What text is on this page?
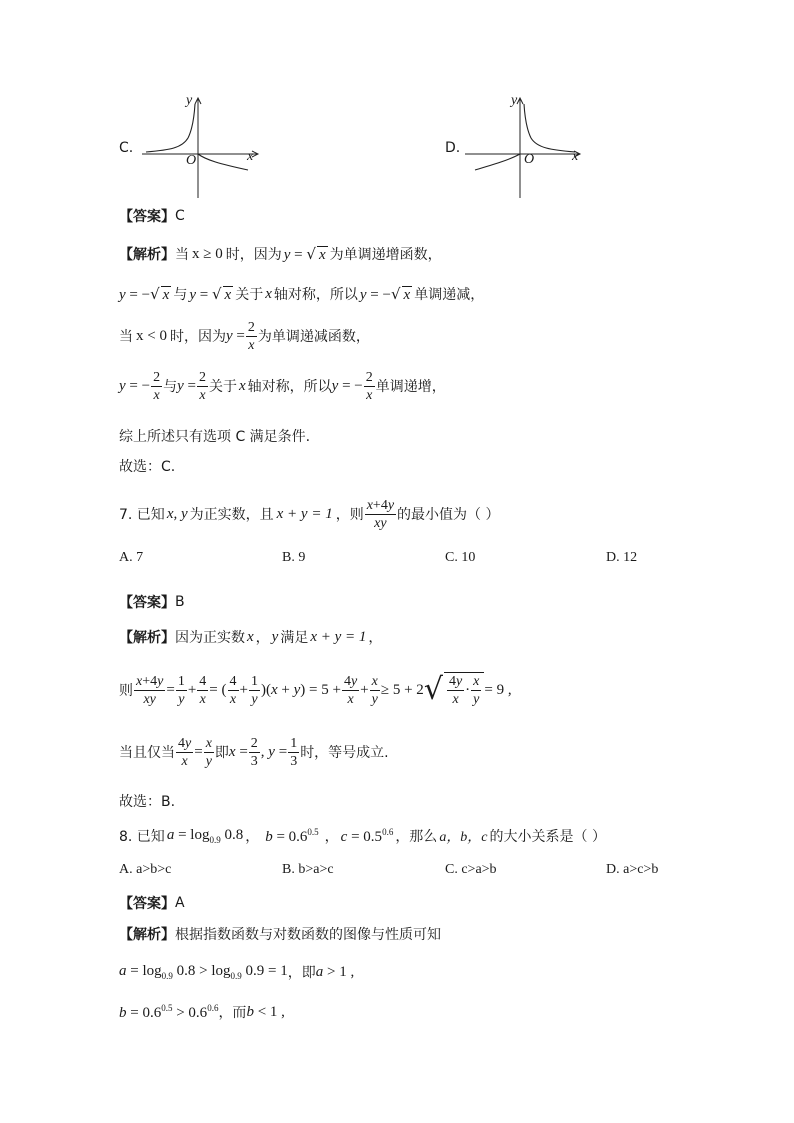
C.
y
x
O
D.
y
x
O
【答案】 C
【解析】 当 x ≥ 0 时，因为 y = √ x 为单调递增函数，
y = −√ x 与 y = √ x 关于 x 轴对称，所以 y = −√ x 单调递减，
当 x < 0 时，因为 $y = \frac{2}{x}$ 为单调递减函数，
y = − $\frac{2}{x}$ 与 $y = \frac{2}{x}$ 关于 x 轴对称，所以 y = − $\frac{2}{x}$ 单调递增，
综上所述只有选项 C 满足条件.
故选：C.
7. 已知 x, y 为正实数，且 x + y = 1 ，则 $\frac{x+4y}{xy}$ 的最小值为（ ）
A. 7	B. 9	C. 10	D. 12
【答案】 B
【解析】 因为正实数 x ， y 满足 x + y = 1 ，
则 $\frac{x+4y}{xy} = \frac{1}{y} + \frac{4}{x}$ = ( $\frac{4}{x} + \frac{1}{y} )(x + y) = 5 + \frac{4y}{x} + \frac{x}{y} \ge 5 + 2$ √ $\frac{4y}{x} \cdot \frac{x}{y} = 9$ ,
当且仅当 $\frac{4y}{x} = \frac{x}{y}$ 即 $x = \frac{2}{3}$ , $y = \frac{1}{3}$ 时，等号成立.
故选：B.
8. 已知 $a = \log_{0.9} 0.8$ ， $b = 0.6^{0.5}$ ， $c = 0.5^{0.6}$ ，那么 a，b，c 的大小关系是（ ）
A. a>b>c	B. b>a>c	C. c>a>b	D. a>c>b
【答案】 A
【解析】 根据指数函数与对数函数的图像与性质可知
$a = \log_{0.9} 0.8 > \log_{0.9} 0.9 = 1$ ，即 a > 1 ,
$b = 0.6^{0.5} > 0.6^{0.6}$ ，而 b < 1 ,
